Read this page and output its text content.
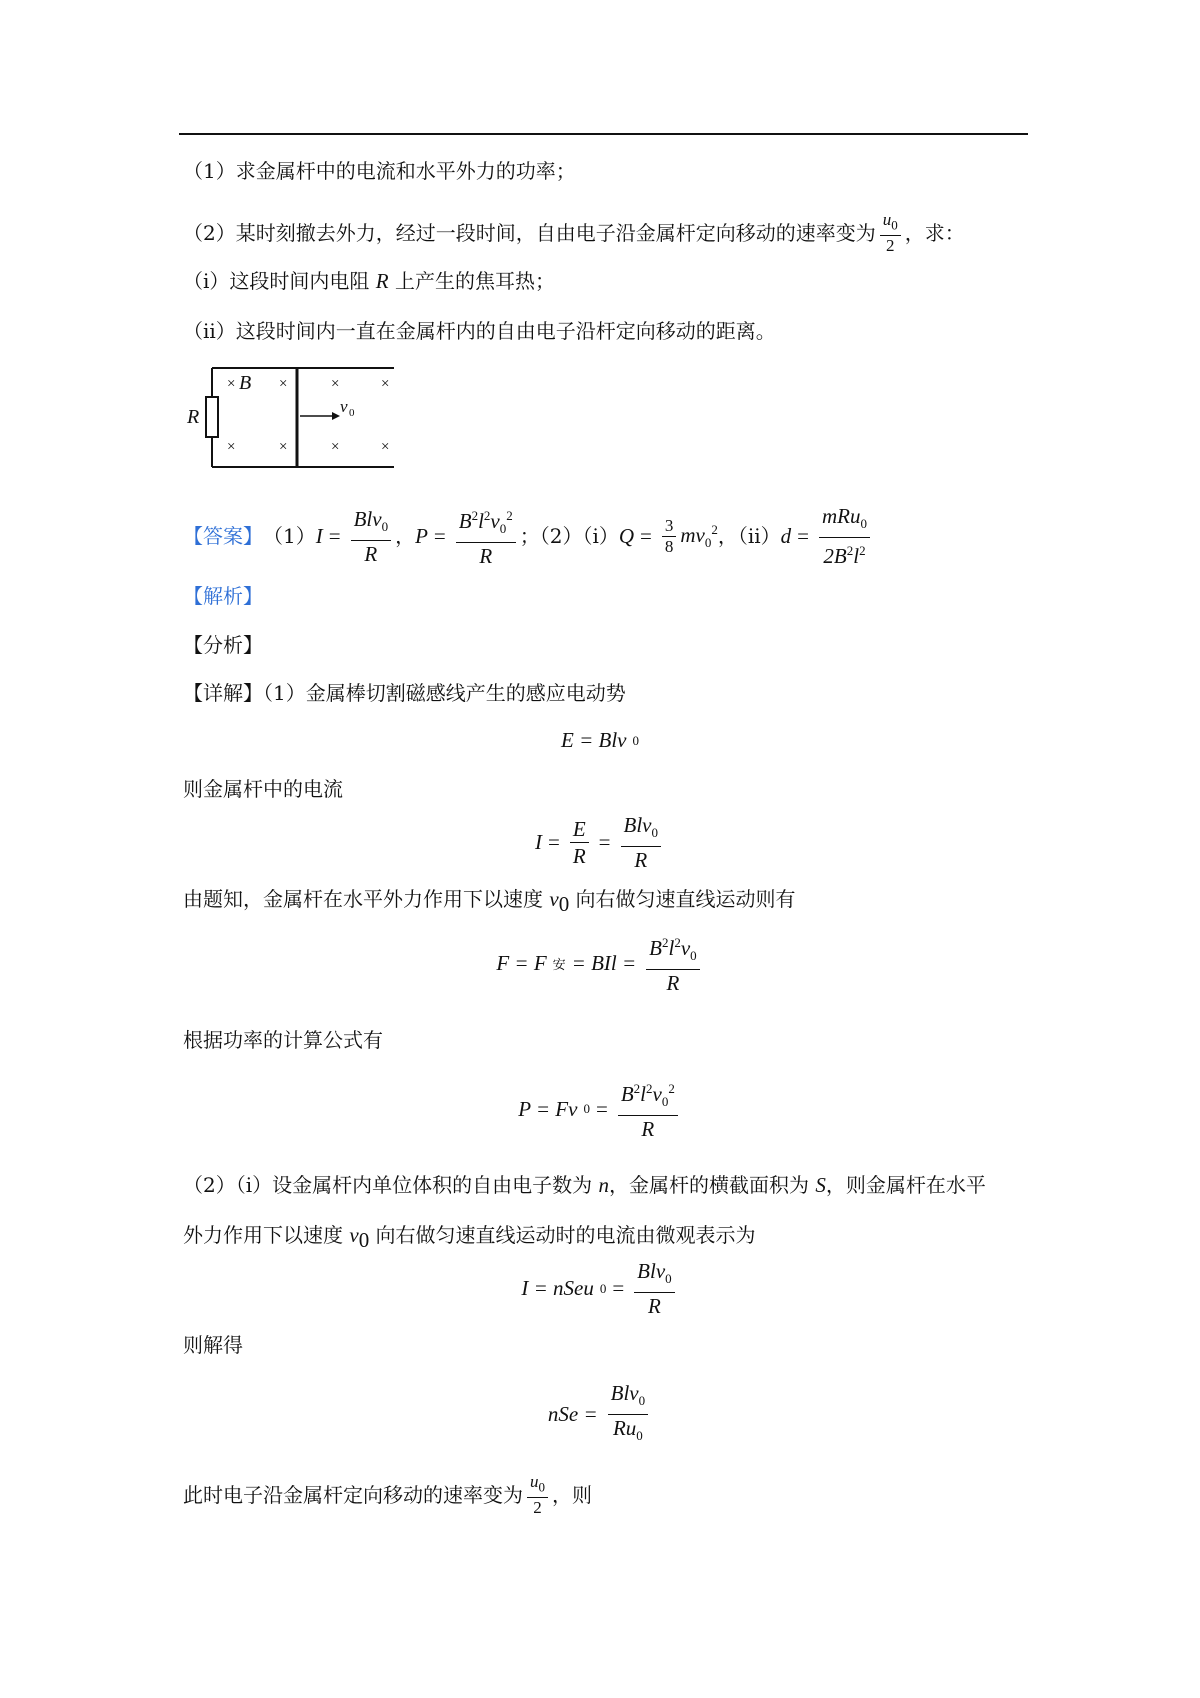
（1）求金属杆中的电流和水平外力的功率；
（2）某时刻撤去外力，经过一段时间，自由电子沿金属杆定向移动的速率变为 $\frac{u_0}{2}$ ，求：
（i）这段时间内电阻 R 上产生的焦耳热；
（ii）这段时间内一直在金属杆内的自由电子沿杆定向移动的距离。
×	×	×	×
×	×	×	×
B
R	v 0
【答案】 （1） $I = \frac{Blv_0}{R}$ ， $P = \frac{B^2l^2v_0^2}{R}$ ；（2）（i） $Q = \frac{3}{8} mv_0^2$ ，（ii） $d = \frac{mRu_0}{2B^2l^2}$
【解析】
【分析】
【详解】（1）金属棒切割磁感线产生的感应电动势
E = Blv 0
则金属杆中的电流
$I = \frac{E}{R} = \frac{Blv_0}{R}$
由题知，金属杆在水平外力作用下以速度 $v_0$ 向右做匀速直线运动则有
F = F 安 = BIl = $\frac{B^2l^2v_0}{R}$
根据功率的计算公式有
P = Fv $0 = \frac{B^2l^2v_0^2}{R}$
（2）（i）设金属杆内单位体积的自由电子数为 n，金属杆的横截面积为 S，则金属杆在水平
外力作用下以速度 $v_0$ 向右做匀速直线运动时的电流由微观表示为
I = nSeu $0 = \frac{Blv_0}{R}$
则解得
nSe = $\frac{Blv_0}{Ru_0}$
此时电子沿金属杆定向移动的速率变为 $\frac{u_0}{2}$ ，则
